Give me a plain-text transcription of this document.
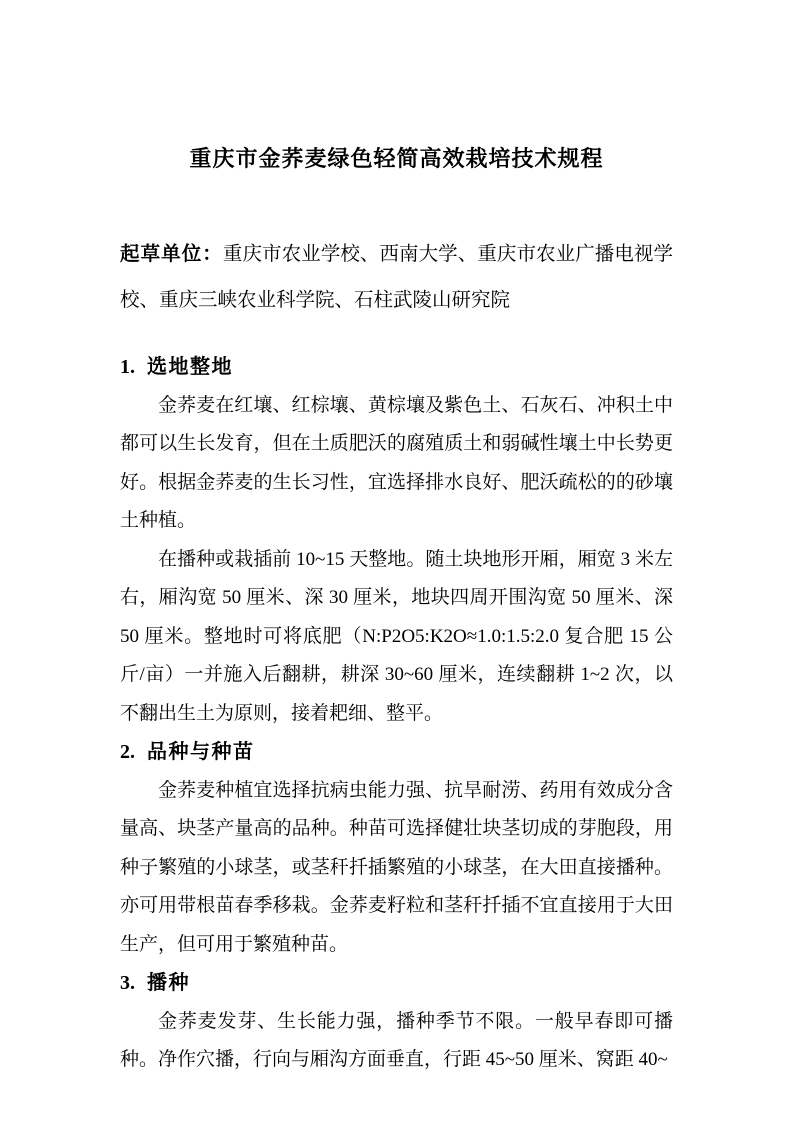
重庆市金荞麦绿色轻简高效栽培技术规程

起草单位：重庆市农业学校、西南大学、重庆市农业广播电视学校、重庆三峡农业科学院、石柱武陵山研究院

1. 选地整地

金荞麦在红壤、红棕壤、黄棕壤及紫色土、石灰石、冲积土中都可以生长发育，但在土质肥沃的腐殖质土和弱碱性壤土中长势更好。根据金荞麦的生长习性，宜选择排水良好、肥沃疏松的的砂壤土种植。

在播种或栽插前 10~15 天整地。随土块地形开厢，厢宽 3 米左右，厢沟宽 50 厘米、深 30 厘米，地块四周开围沟宽 50 厘米、深 50 厘米。整地时可将底肥（N:P2O5:K2O≈1.0:1.5:2.0 复合肥 15 公斤/亩）一并施入后翻耕，耕深 30~60 厘米，连续翻耕 1~2 次，以不翻出生土为原则，接着耙细、整平。

2. 品种与种苗

金荞麦种植宜选择抗病虫能力强、抗旱耐涝、药用有效成分含量高、块茎产量高的品种。种苗可选择健壮块茎切成的芽胞段，用种子繁殖的小球茎，或茎秆扦插繁殖的小球茎，在大田直接播种。亦可用带根苗春季移栽。金荞麦籽粒和茎秆扦插不宜直接用于大田生产，但可用于繁殖种苗。

3. 播种

金荞麦发芽、生长能力强，播种季节不限。一般早春即可播种。净作穴播，行向与厢沟方面垂直，行距 45~50 厘米、窝距 40~
